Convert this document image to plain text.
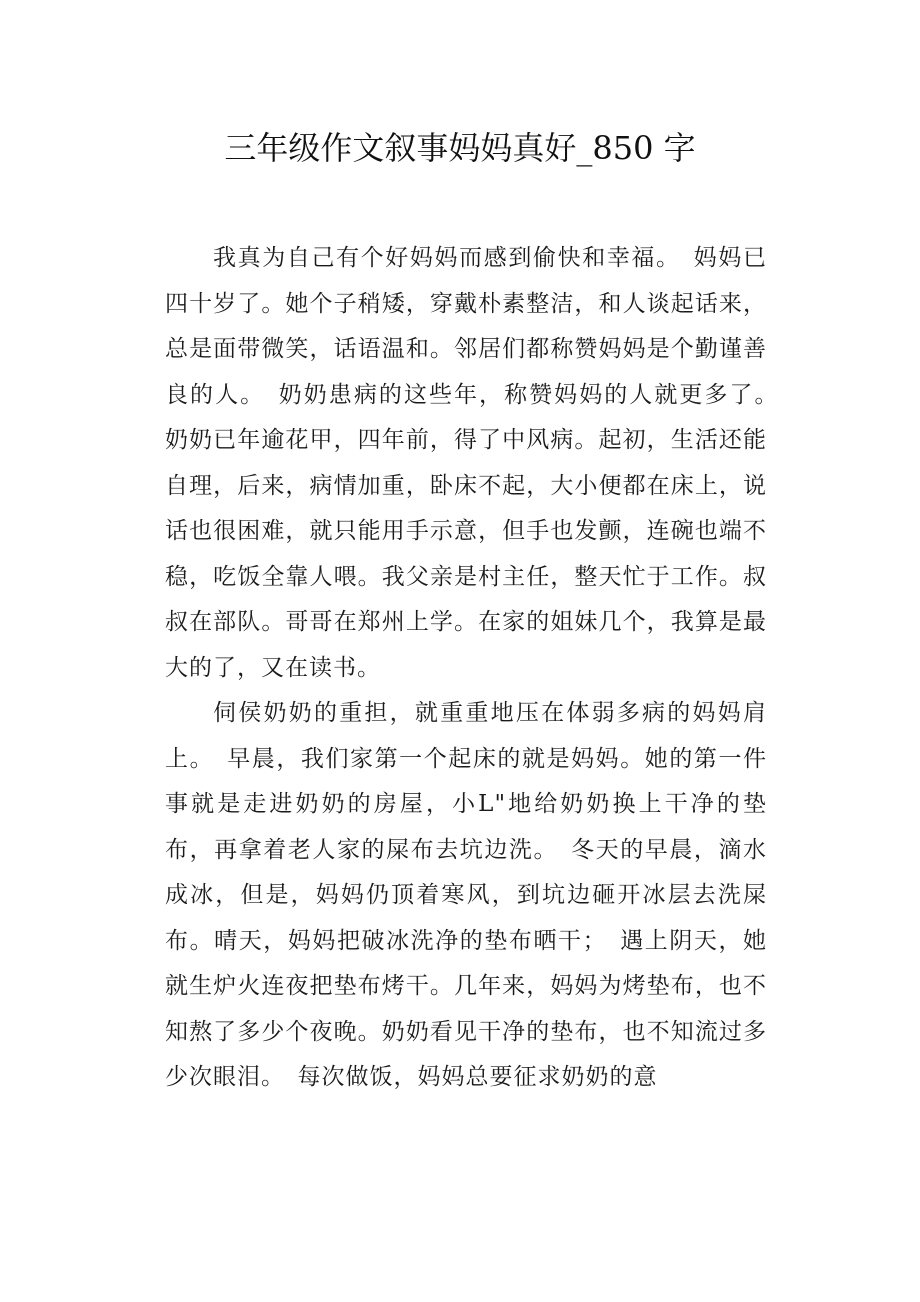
三年级作文叙事妈妈真好_850 字

我真为自己有个好妈妈而感到偷快和幸福。　妈妈已四十岁了。她个子稍矮，穿戴朴素整洁，和人谈起话来，总是面带微笑，话语温和。邻居们都称赞妈妈是个勤谨善良的人。　奶奶患病的这些年，称赞妈妈的人就更多了。　奶奶已年逾花甲，四年前，得了中风病。起初，生活还能自理，后来，病情加重，卧床不起，大小便都在床上，说话也很困难，就只能用手示意，但手也发颤，连碗也端不稳，吃饭全靠人喂。我父亲是村主任，整天忙于工作。叔叔在部队。哥哥在郑州上学。在家的姐妹几个，我算是最大的了，又在读书。

伺侯奶奶的重担，就重重地压在体弱多病的妈妈肩上。　早晨，我们家第一个起床的就是妈妈。她的第一件事就是走进奶奶的房屋，小L"地给奶奶换上干净的垫布，再拿着老人家的屎布去坑边洗。　冬天的早晨，滴水成冰，但是，妈妈仍顶着寒风，到坑边砸开冰层去洗屎布。晴天，妈妈把破冰洗净的垫布晒干；　遇上阴天，她就生炉火连夜把垫布烤干。几年来，妈妈为烤垫布，也不知熬了多少个夜晚。奶奶看见干净的垫布，也不知流过多少次眼泪。　每次做饭，妈妈总要征求奶奶的意
